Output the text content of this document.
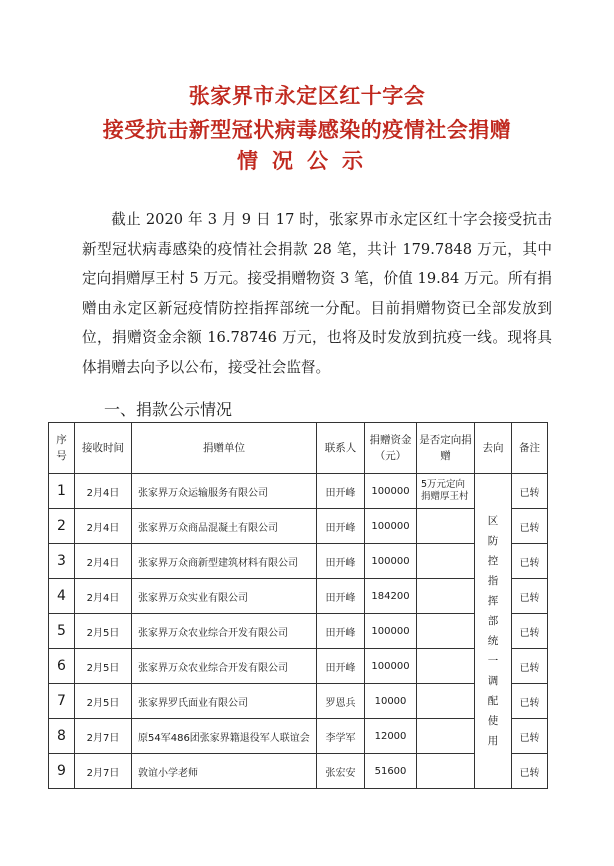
张家界市永定区红十字会
接受抗击新型冠状病毒感染的疫情社会捐赠
情况公示

截止 2020 年 3 月 9 日 17 时，张家界市永定区红十字会接受抗击新型冠状病毒感染的疫情社会捐款 28 笔，共计 179.7848 万元，其中定向捐赠厚王村 5 万元。接受捐赠物资 3 笔，价值 19.84 万元。所有捐赠由永定区新冠疫情防控指挥部统一分配。目前捐赠物资已全部发放到位，捐赠资金余额 16.78746 万元，也将及时发放到抗疫一线。现将具体捐赠去向予以公布，接受社会监督。

一、捐款公示情况
序号	接收时间	捐赠单位	联系人	捐赠资金（元）	是否定向捐赠	去向	备注
1	2月4日	张家界万众运输服务有限公司	田开峰	100000	5万元定向捐赠厚王村	区防控指挥部统一调配使用	已转
2	2月4日	张家界万众商品混凝土有限公司	田开峰	100000			已转
3	2月4日	张家界万众商新型建筑材料有限公司	田开峰	100000			已转
4	2月4日	张家界万众实业有限公司	田开峰	184200			已转
5	2月5日	张家界万众农业综合开发有限公司	田开峰	100000			已转
6	2月5日	张家界万众农业综合开发有限公司	田开峰	100000			已转
7	2月5日	张家界罗氏面业有限公司	罗恩兵	10000			已转
8	2月7日	原54军486团张家界籍退役军人联谊会	李学军	12000			已转
9	2月7日	敦谊小学老师	张宏安	51600			已转
